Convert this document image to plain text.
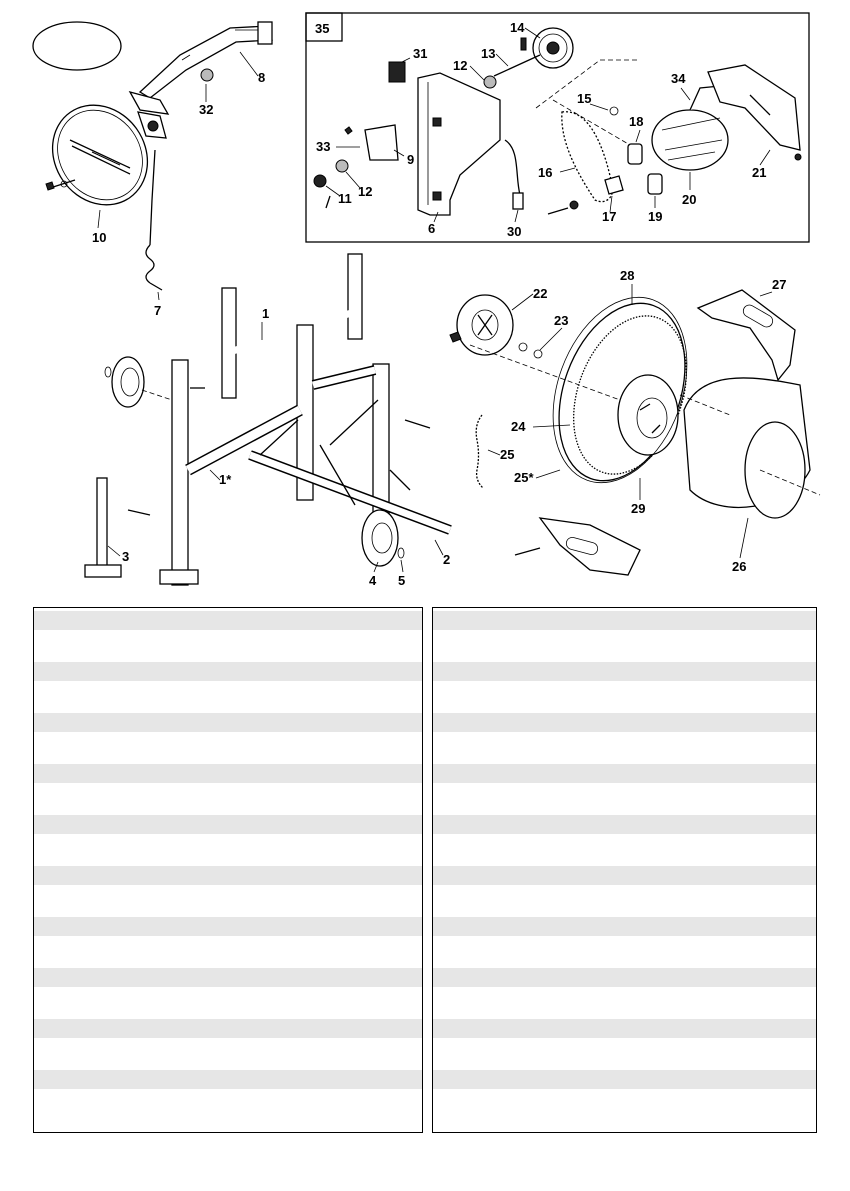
35
1
1*
2
3
4 5
6
7
8
9
10
11 12
12
13
14
15
16
17
18
19
20
21
22
23
24
25
25*
26
27
28
29
30
31
32
33
34
